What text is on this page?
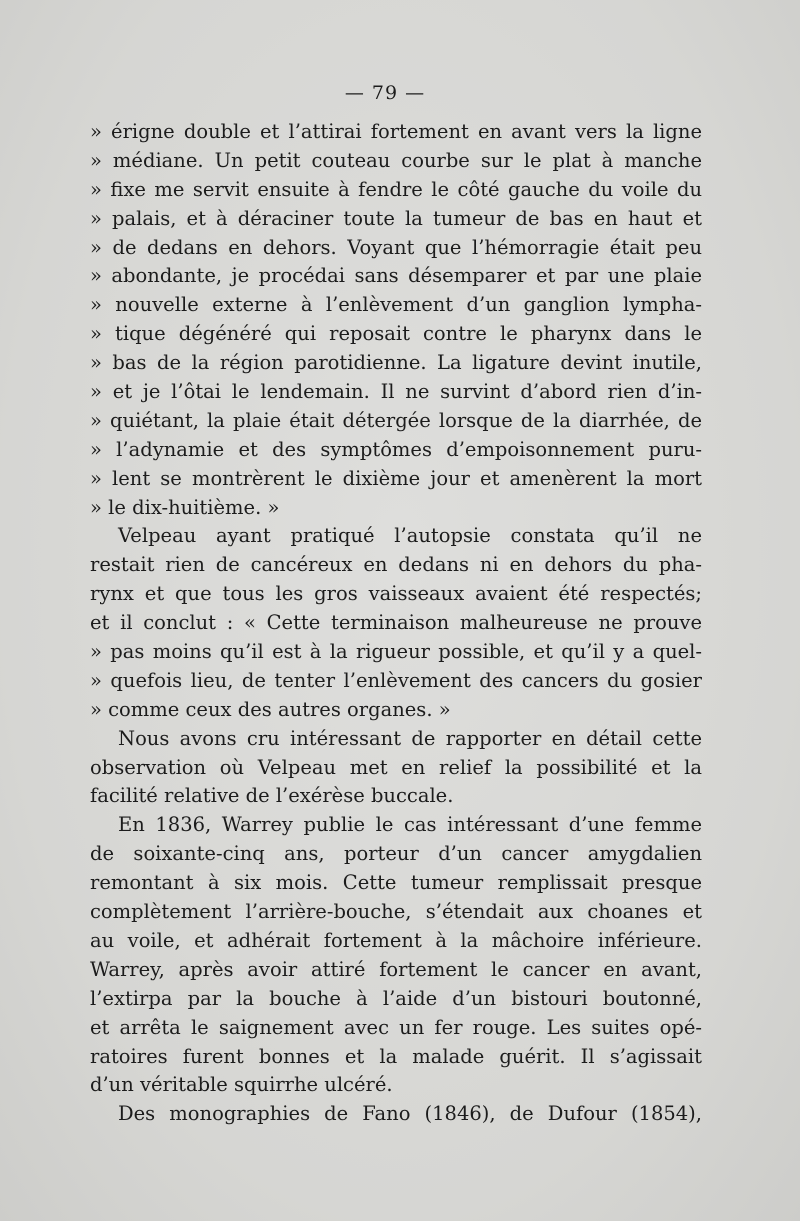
— 79 —
» érigne double et l’attirai fortement en avant vers la ligne
» médiane. Un petit couteau courbe sur le plat à manche
» fixe me servit ensuite à fendre le côté gauche du voile du
» palais, et à déraciner toute la tumeur de bas en haut et
» de dedans en dehors. Voyant que l’hémorragie était peu
» abondante, je procédai sans désemparer et par une plaie
» nouvelle externe à l’enlèvement d’un ganglion lympha-
» tique dégénéré qui reposait contre le pharynx dans le
» bas de la région parotidienne. La ligature devint inutile,
» et je l’ôtai le lendemain. Il ne survint d’abord rien d’in-
» quiétant, la plaie était détergée lorsque de la diarrhée, de
» l’adynamie et des symptômes d’empoisonnement puru-
» lent se montrèrent le dixième jour et amenèrent la mort
» le dix-huitième. »
Velpeau ayant pratiqué l’autopsie constata qu’il ne
restait rien de cancéreux en dedans ni en dehors du pha-
rynx et que tous les gros vaisseaux avaient été respectés;
et il conclut : « Cette terminaison malheureuse ne prouve
» pas moins qu’il est à la rigueur possible, et qu’il y a quel-
» quefois lieu, de tenter l’enlèvement des cancers du gosier
» comme ceux des autres organes. »
Nous avons cru intéressant de rapporter en détail cette
observation où Velpeau met en relief la possibilité et la
facilité relative de l’exérèse buccale.
En 1836, Warrey publie le cas intéressant d’une femme
de soixante-cinq ans, porteur d’un cancer amygdalien
remontant à six mois. Cette tumeur remplissait presque
complètement l’arrière-bouche, s’étendait aux choanes et
au voile, et adhérait fortement à la mâchoire inférieure.
Warrey, après avoir attiré fortement le cancer en avant,
l’extirpa par la bouche à l’aide d’un bistouri boutonné,
et arrêta le saignement avec un fer rouge. Les suites opé-
ratoires furent bonnes et la malade guérit. Il s’agissait
d’un véritable squirrhe ulcéré.
Des monographies de Fano (1846), de Dufour (1854),
